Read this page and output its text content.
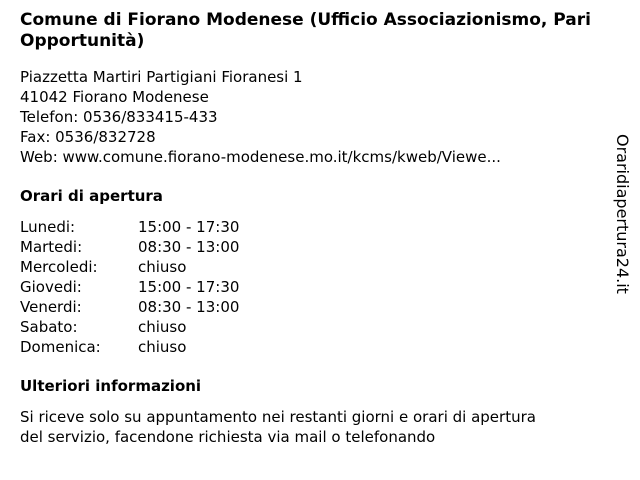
Comune di Fiorano Modenese (Ufficio Associazionismo, Pari Opportunità)
Piazzetta Martiri Partigiani Fioranesi 1
41042 Fiorano Modenese
Telefon: 0536/833415-433
Fax: 0536/832728
Web: www.comune.fiorano-modenese.mo.it/kcms/kweb/Viewe...
Orari di apertura
Lunedi:	15:00 - 17:30
Martedi:	08:30 - 13:00
Mercoledi:	chiuso
Giovedi:	15:00 - 17:30
Venerdi:	08:30 - 13:00
Sabato:	chiuso
Domenica:	chiuso
Ulteriori informazioni
Si riceve solo su appuntamento nei restanti giorni e orari di apertura
del servizio, facendone richiesta via mail o telefonando
Oraridiapertura24.it
